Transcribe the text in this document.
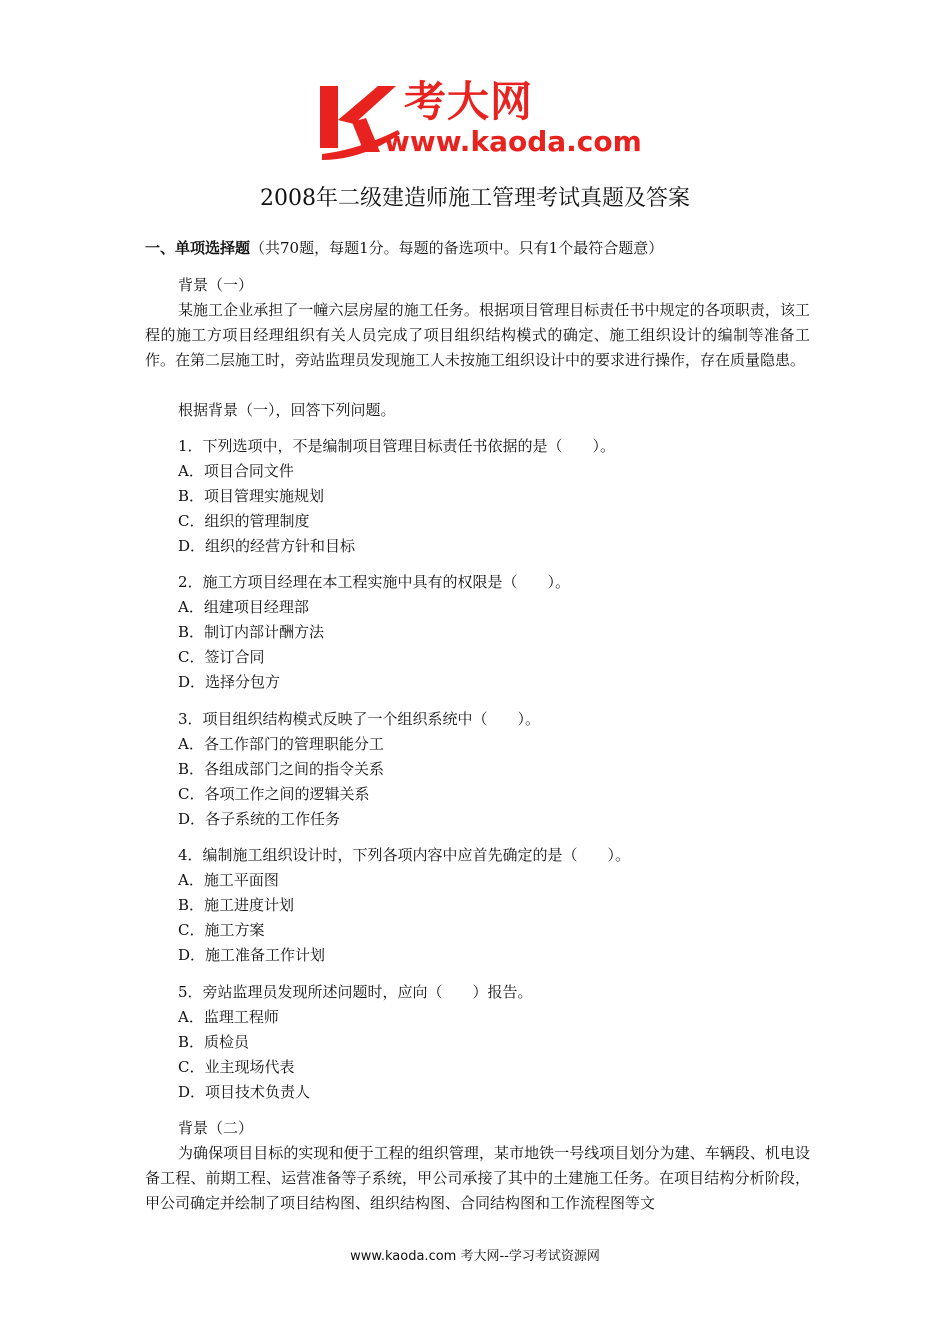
考大网
www.kaoda.com
2008年二级建造师施工管理考试真题及答案
一、单项选择题（共70题，每题1分。每题的备选项中。只有1个最符合题意）
背景（一）
某施工企业承担了一幢六层房屋的施工任务。根据项目管理目标责任书中规定的各项职责，该工程的施工方项目经理组织有关人员完成了项目组织结构模式的确定、施工组织设计的编制等准备工作。在第二层施工时，旁站监理员发现施工人未按施工组织设计中的要求进行操作，存在质量隐患。
根据背景（一），回答下列问题。
1．下列选项中，不是编制项目管理目标责任书依据的是（　　）。
A．项目合同文件
B．项目管理实施规划
C．组织的管理制度
D．组织的经营方针和目标
2．施工方项目经理在本工程实施中具有的权限是（　　）。
A．组建项目经理部
B．制订内部计酬方法
C．签订合同
D．选择分包方
3．项目组织结构模式反映了一个组织系统中（　　）。
A．各工作部门的管理职能分工
B．各组成部门之间的指令关系
C．各项工作之间的逻辑关系
D．各子系统的工作任务
4．编制施工组织设计时，下列各项内容中应首先确定的是（　　）。
A．施工平面图
B．施工进度计划
C．施工方案
D．施工准备工作计划
5．旁站监理员发现所述问题时，应向（　　）报告。
A．监理工程师
B．质检员
C．业主现场代表
D．项目技术负责人
背景（二）
为确保项目目标的实现和便于工程的组织管理，某市地铁一号线项目划分为建、车辆段、机电设备工程、前期工程、运营准备等子系统，甲公司承接了其中的土建施工任务。在项目结构分析阶段，甲公司确定并绘制了项目结构图、组织结构图、合同结构图和工作流程图等文
www.kaoda.com 考大网--学习考试资源网
